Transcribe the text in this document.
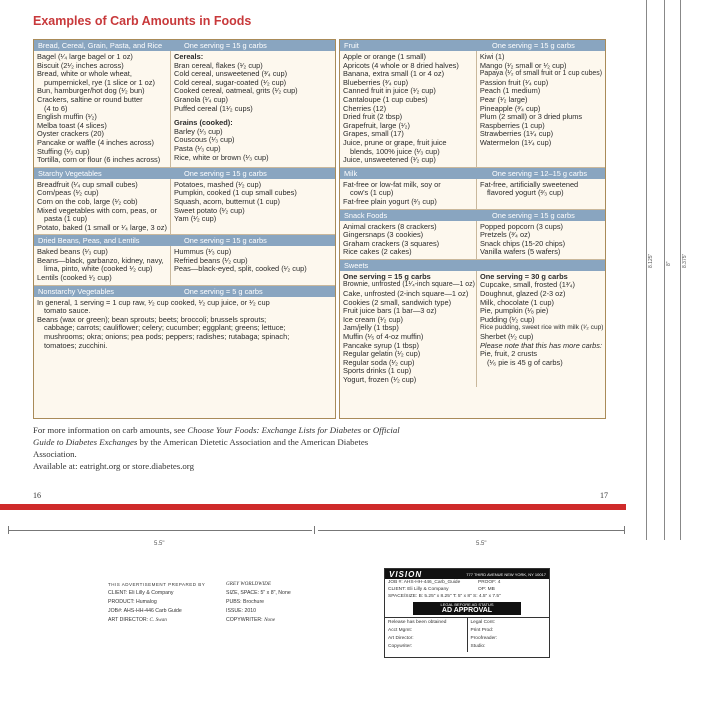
Examples of Carb Amounts in Foods
Bread, Cereal, Grain, Pasta, and Rice	One serving = 15 g carbs
Bagel (¹⁄₄ large bagel or 1 oz)
Biscuit (2¹⁄₂ inches across)
Bread, white or whole wheat,
pumpernickel, rye (1 slice or 1 oz)
Bun, hamburger/hot dog (¹⁄₂ bun)
Crackers, saltine or round butter
(4 to 6)
English muffin (¹⁄₂)
Melba toast (4 slices)
Oyster crackers (20)
Pancake or waffle (4 inches across)
Stuffing (¹⁄₃ cup)
Tortilla, corn or flour (6 inches across)
Cereals:
Bran cereal, flakes (¹⁄₂ cup)
Cold cereal, unsweetened (³⁄₄ cup)
Cold cereal, sugar-coated (¹⁄₂ cup)
Cooked cereal, oatmeal, grits (¹⁄₂ cup)
Granola (¹⁄₄ cup)
Puffed cereal (1¹⁄₂ cups)
Grains (cooked):
Barley (¹⁄₃ cup)
Couscous (¹⁄₃ cup)
Pasta (¹⁄₃ cup)
Rice, white or brown (¹⁄₃ cup)
Starchy Vegetables	One serving = 15 g carbs
Breadfruit (¹⁄₄ cup small cubes)
Corn/peas (¹⁄₂ cup)
Corn on the cob, large (¹⁄₂ cob)
Mixed vegetables with corn, peas, or
pasta (1 cup)
Potato, baked (1 small or ¹⁄₄ large, 3 oz)
Potatoes, mashed (¹⁄₂ cup)
Pumpkin, cooked (1 cup small cubes)
Squash, acorn, butternut (1 cup)
Sweet potato (¹⁄₂ cup)
Yam (¹⁄₂ cup)
Dried Beans, Peas, and Lentils	One serving = 15 g carbs
Baked beans (¹⁄₃ cup)
Beans—black, garbanzo, kidney, navy,
lima, pinto, white (cooked ¹⁄₂ cup)
Lentils (cooked ¹⁄₂ cup)
Hummus (¹⁄₃ cup)
Refried beans (¹⁄₂ cup)
Peas—black-eyed, split, cooked (¹⁄₂ cup)
Nonstarchy Vegetables	One serving = 5 g carbs
In general, 1 serving = 1 cup raw, ¹⁄₂ cup cooked, ¹⁄₂ cup juice, or ¹⁄₂ cup
tomato sauce.
Beans (wax or green); bean sprouts; beets; broccoli; brussels sprouts;
cabbage; carrots; cauliflower; celery; cucumber; eggplant; greens; lettuce;
mushrooms; okra; onions; pea pods; peppers; radishes; rutabaga; spinach;
tomatoes; zucchini.
Fruit	One serving = 15 g carbs
Apple or orange (1 small)
Apricots (4 whole or 8 dried halves)
Banana, extra small (1 or 4 oz)
Blueberries (³⁄₄ cup)
Canned fruit in juice (¹⁄₂ cup)
Cantaloupe (1 cup cubes)
Cherries (12)
Dried fruit (2 tbsp)
Grapefruit, large (¹⁄₂)
Grapes, small (17)
Juice, prune or grape, fruit juice
blends, 100% juice (¹⁄₃ cup)
Juice, unsweetened (¹⁄₂ cup)
Kiwi (1)
Mango (¹⁄₂ small or ¹⁄₂ cup)
Papaya (¹⁄₂ of small fruit or 1 cup cubes)
Passion fruit (¹⁄₄ cup)
Peach (1 medium)
Pear (¹⁄₂ large)
Pineapple (³⁄₄ cup)
Plum (2 small) or 3 dried plums
Raspberries (1 cup)
Strawberries (1¹⁄₄ cup)
Watermelon (1¹⁄₄ cup)
Milk	One serving = 12–15 g carbs
Fat-free or low-fat milk, soy or
cow's (1 cup)
Fat-free plain yogurt (²⁄₃ cup)
Fat-free, artificially sweetened
flavored yogurt (²⁄₃ cup)
Snack Foods	One serving = 15 g carbs
Animal crackers (8 crackers)
Gingersnaps (3 cookies)
Graham crackers (3 squares)
Rice cakes (2 cakes)
Popped popcorn (3 cups)
Pretzels (³⁄₄ oz)
Snack chips (15-20 chips)
Vanilla wafers (5 wafers)
Sweets
One serving = 15 g carbs
Brownie, unfrosted (1¹⁄₄-inch square—1 oz)
Cake, unfrosted (2-inch square—1 oz)
Cookies (2 small, sandwich type)
Fruit juice bars (1 bar—3 oz)
Ice cream (¹⁄₂ cup)
Jam/jelly (1 tbsp)
Muffin (¹⁄₅ of 4-oz muffin)
Pancake syrup (1 tbsp)
Regular gelatin (¹⁄₂ cup)
Regular soda (¹⁄₂ cup)
Sports drinks (1 cup)
Yogurt, frozen (¹⁄₂ cup)
One serving = 30 g carbs
Cupcake, small, frosted (1³⁄₄)
Doughnut, glazed (2-3 oz)
Milk, chocolate (1 cup)
Pie, pumpkin (¹⁄₈ pie)
Pudding (¹⁄₂ cup)
Rice pudding, sweet rice with milk (¹⁄₂ cup)
Sherbet (¹⁄₂ cup)
Please note that this has more carbs:
Pie, fruit, 2 crusts
(¹⁄₆ pie is 45 g of carbs)
For more information on carb amounts, see Choose Your Foods: Exchange Lists for Diabetes or Official Guide to Diabetes Exchanges by the American Dietetic Association and the American Diabetes Association.
Available at: eatright.org or store.diabetes.org
16	17
5.5"	5.5"
8.125" 8" 8.375"
THIS ADVERTISEMENT PREPARED BY
CLIENT: Eli Lilly & Company
PRODUCT: Humalog
JOB#: AHS-HH-446 Carb Guide
ART DIRECTOR: C. Swan
GREY WORLDWIDE
SIZE, SPACE: 5" x 8", None
PUBS: Brochure
ISSUE: 2010
COPYWRITER: None
VISION	777 THIRD AVENUE NEW YORK, NY 10017
JOB #: AHS-HH-446_Carb_Guide	PROOF: 4
CLIENT: Eli Lilly & Company	OP: MB
SPACE/SIZE: B: 5.25" x 8.25" T: 5" x 8" S: 4.5" x 7.5"
LEGAL BEFORE AD STATUS
AD APPROVAL
Release has been obtained
Acct Mgmt:
Art Director:
Copywriter:
Legal Cont:
Print Prod:
Proofreader:
Studio:
